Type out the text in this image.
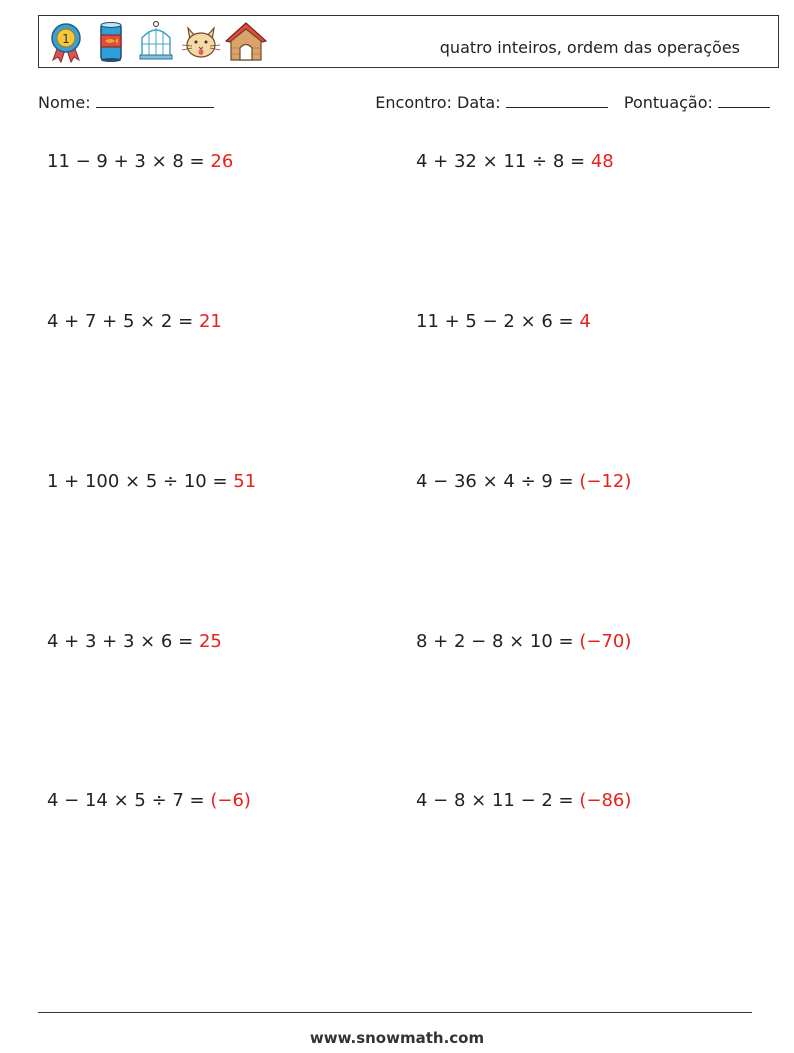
1	quatro inteiros, ordem das operações
Nome:	Encontro: Data:	Pontuação:
11 − 9 + 3 × 8 = 26	4 + 32 × 11 ÷ 8 = 48
4 + 7 + 5 × 2 = 21	11 + 5 − 2 × 6 = 4
1 + 100 × 5 ÷ 10 = 51	4 − 36 × 4 ÷ 9 = (−12)
4 + 3 + 3 × 6 = 25	8 + 2 − 8 × 10 = (−70)
4 − 14 × 5 ÷ 7 = (−6)	4 − 8 × 11 − 2 = (−86)
www.snowmath.com
